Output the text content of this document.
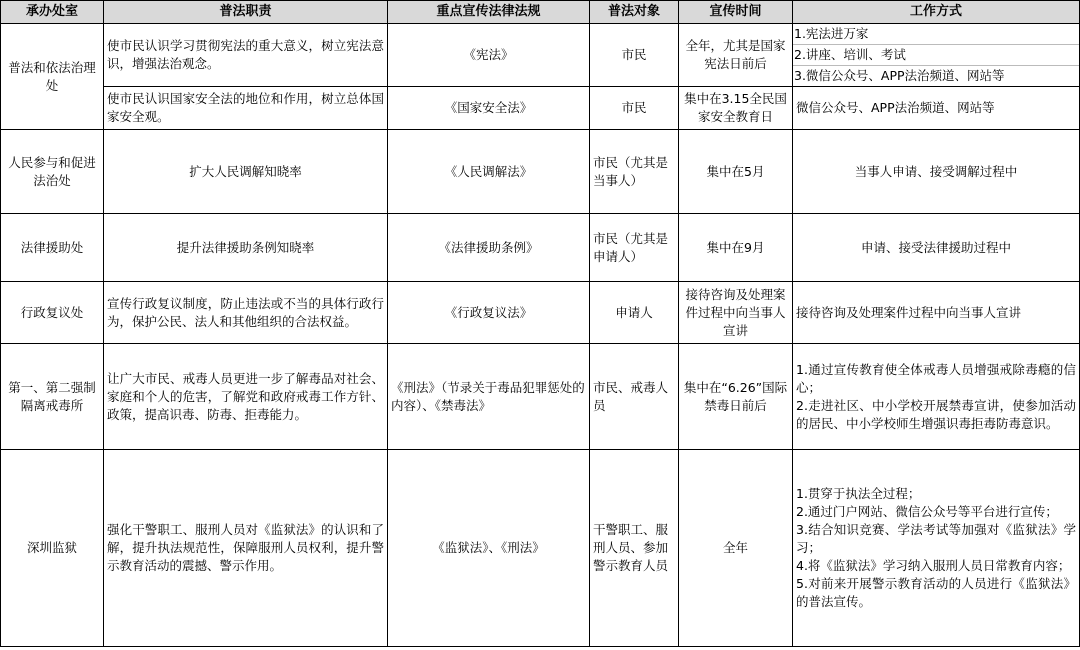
承办处室	普法职责	重点宣传法律法规	普法对象	宣传时间	工作方式
普法和依法治理处	使市民认识学习贯彻宪法的重大意义，树立宪法意识，增强法治观念。	《宪法》	市民	全年，尤其是国家宪法日前后	1.宪法进万家
2.讲座、培训、考试
3.微信公众号、APP法治频道、网站等

	使市民认识国家安全法的地位和作用，树立总体国家安全观。	《国家安全法》	市民	集中在3.15全民国家安全教育日	微信公众号、APP法治频道、网站等
人民参与和促进法治处	扩大人民调解知晓率	《人民调解法》	市民（尤其是当事人）	集中在5月	当事人申请、接受调解过程中
法律援助处	提升法律援助条例知晓率	《法律援助条例》	市民（尤其是申请人）	集中在9月	申请、接受法律援助过程中
行政复议处	宣传行政复议制度，防止违法或不当的具体行政行为，保护公民、法人和其他组织的合法权益。	《行政复议法》	申请人	接待咨询及处理案件过程中向当事人宣讲	接待咨询及处理案件过程中向当事人宣讲
第一、第二强制隔离戒毒所	让广大市民、戒毒人员更进一步了解毒品对社会、家庭和个人的危害，了解党和政府戒毒工作方针、政策，提高识毒、防毒、拒毒能力。	《刑法》（节录关于毒品犯罪惩处的内容）、《禁毒法》	市民、戒毒人员	集中在“6.26”国际禁毒日前后	1.通过宣传教育使全体戒毒人员增强戒除毒瘾的信心；
2.走进社区、中小学校开展禁毒宣讲，使参加活动的居民、中小学校师生增强识毒拒毒防毒意识。

深圳监狱	强化干警职工、服刑人员对《监狱法》的认识和了解，提升执法规范性，保障服刑人员权利，提升警示教育活动的震撼、警示作用。	《监狱法》、《刑法》	干警职工、服刑人员、参加警示教育人员	全年	1.贯穿于执法全过程；
2.通过门户网站、微信公众号等平台进行宣传；
3.结合知识竞赛、学法考试等加强对《监狱法》学习；
4.将《监狱法》学习纳入服刑人员日常教育内容；
5.对前来开展警示教育活动的人员进行《监狱法》的普法宣传。
